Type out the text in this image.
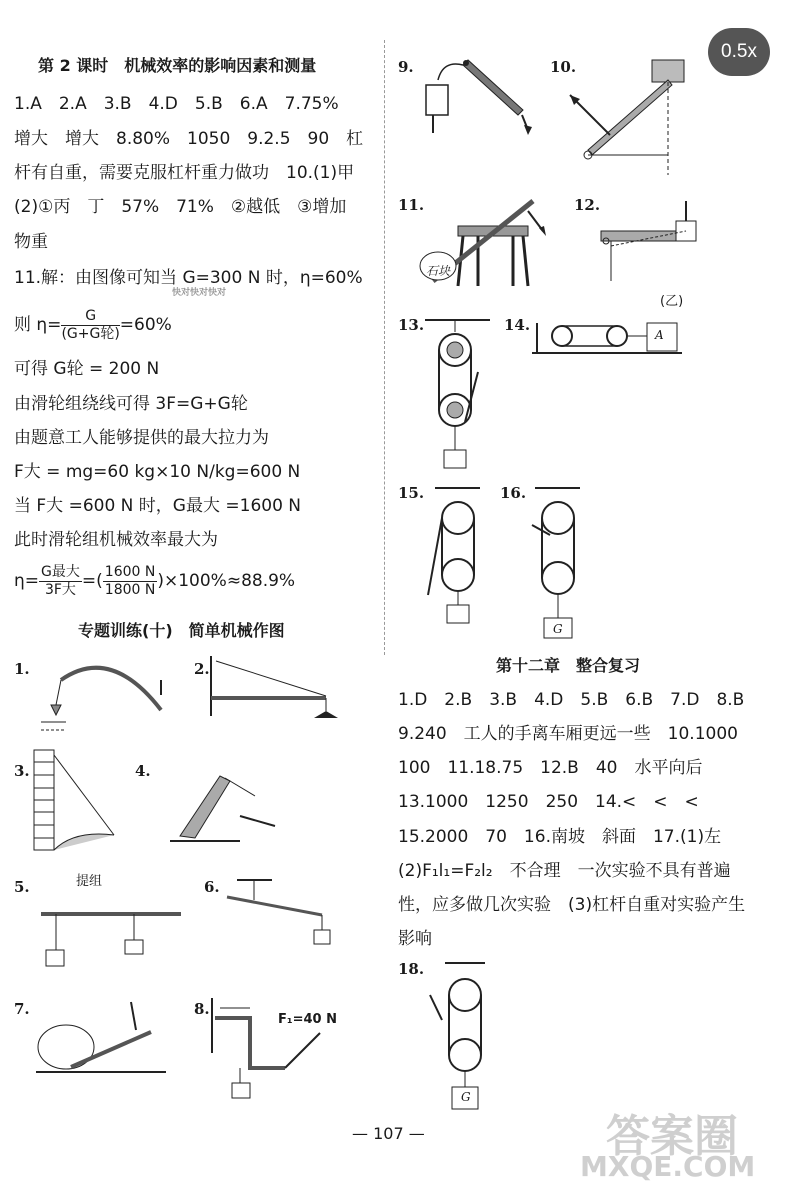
第 2 课时　机械效率的影响因素和测量
1.A　2.A　3.B　4.D　5.B　6.A　7.75%
增大　增大　8.80%　1050　9.2.5　90　杠
杆有自重，需要克服杠杆重力做功　10.(1)甲
(2)①丙　丁　57%　71%　②越低　③增加
物重
11.解：由图像可知当 G=300 N 时，η=60%
则 $\eta= \frac{G}{\text{(G+G轮)}} =60\%$
可得 G轮 = 200 N
由滑轮组绕线可得 3F=G+G轮
由题意工人能够提供的最大拉力为
F大 = mg=60 kg×10 N/kg=600 N
当 F大 =600 N 时，G最大 =1600 N
此时滑轮组机械效率最大为
$\eta= \frac{\text{G最大}}{\text{3F大}}$ =( $\frac{1600 N}{1800 N} )\times 100\%\approx 88.9\%$
专题训练(十)　简单机械作图
第十二章　整合复习
1.D　2.B　3.B　4.D　5.B　6.B　7.D　8.B
9.240　工人的手离车厢更远一些　10.1000
100　11.18.75　12.B　40　水平向后
13.1000　1250　250　14.<　<　<
15.2000　70　16.南坡　斜面　17.(1)左
(2)F₁l₁=F₂l₂　不合理　一次实验不具有普遍
性，应多做几次实验　(3)杠杆自重对实验产生
影响
0.5x
9.	10.
11.
石块
12.
(乙)
13.	14.
A
15.	16.
G
18.
G
1.	2.
3.	4.
5.	提组	6.
7.	8.
F₁=40 N
答案圈
MXQE.COM
快对快对快对
— 107 —
